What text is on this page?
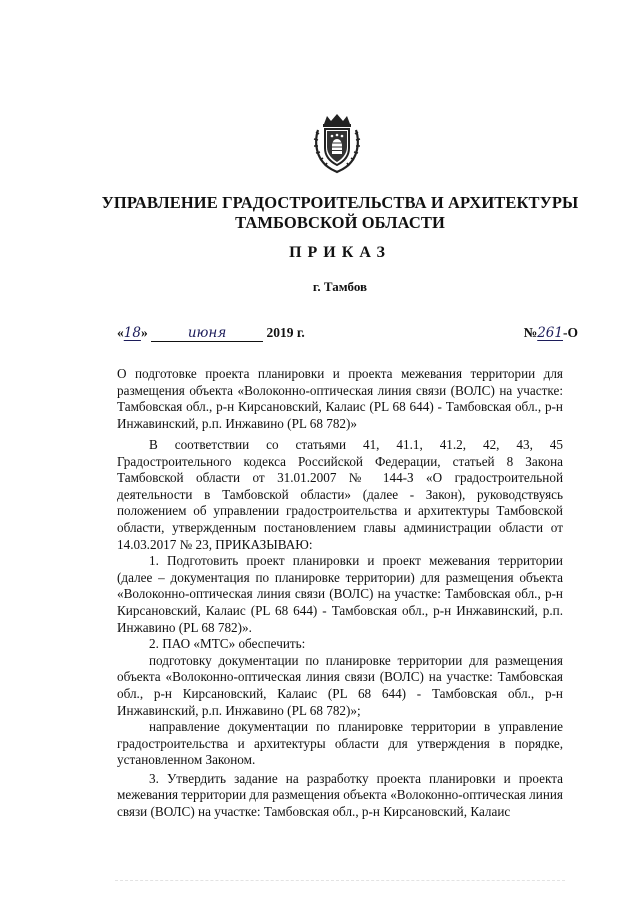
УПРАВЛЕНИЕ ГРАДОСТРОИТЕЛЬСТВА И АРХИТЕКТУРЫ
ТАМБОВСКОЙ ОБЛАСТИ
ПРИКАЗ
г. Тамбов
«18»	июня	2019 г.	№261-О
О подготовке проекта планировки и проекта межевания территории для размещения объекта «Волоконно-оптическая линия связи (ВОЛС) на участке: Тамбовская обл., р-н Кирсановский, Калаис (PL 68 644) - Тамбовская обл., р-н Инжавинский, р.п. Инжавино (PL 68 782)»

В соответствии со статьями 41, 41.1, 41.2, 42, 43, 45

Градостроительного кодекса Российской Федерации, статьей 8 Закона Тамбовской области от 31.01.2007 № 144-З «О градостроительной деятельности в Тамбовской области» (далее - Закон), руководствуясь положением об управлении градостроительства и архитектуры Тамбовской области, утвержденным постановлением главы администрации области от 14.03.2017 № 23, ПРИКАЗЫВАЮ:

1. Подготовить проект планировки и проект межевания территории (далее – документация по планировке территории) для размещения объекта «Волоконно-оптическая линия связи (ВОЛС) на участке: Тамбовская обл., р-н Кирсановский, Калаис (PL 68 644) - Тамбовская обл., р-н Инжавинский, р.п. Инжавино (PL 68 782)».

2. ПАО «МТС» обеспечить:

подготовку документации по планировке территории для размещения объекта «Волоконно-оптическая линия связи (ВОЛС) на участке: Тамбовская обл., р-н Кирсановский, Калаис (PL 68 644) - Тамбовская обл., р-н Инжавинский, р.п. Инжавино (PL 68 782)»;

направление документации по планировке территории в управление градостроительства и архитектуры области для утверждения в порядке, установленном Законом.

3. Утвердить задание на разработку проекта планировки и проекта межевания территории для размещения объекта «Волоконно-оптическая линия связи (ВОЛС) на участке: Тамбовская обл., р-н Кирсановский, Калаис
